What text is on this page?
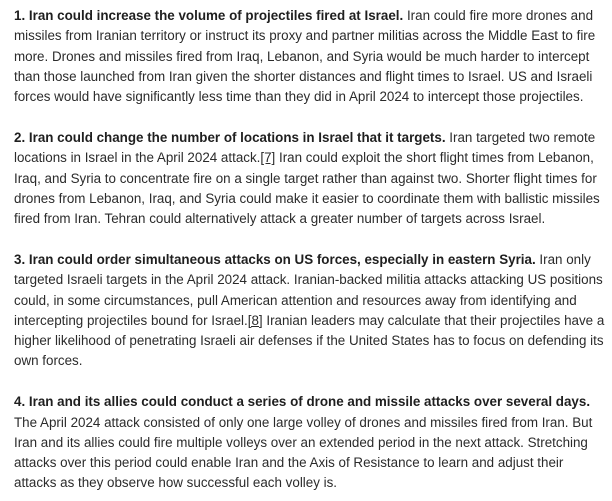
1. Iran could increase the volume of projectiles fired at Israel. Iran could fire more drones and missiles from Iranian territory or instruct its proxy and partner militias across the Middle East to fire more. Drones and missiles fired from Iraq, Lebanon, and Syria would be much harder to intercept than those launched from Iran given the shorter distances and flight times to Israel. US and Israeli forces would have significantly less time than they did in April 2024 to intercept those projectiles.

2. Iran could change the number of locations in Israel that it targets. Iran targeted two remote locations in Israel in the April 2024 attack.[7] Iran could exploit the short flight times from Lebanon, Iraq, and Syria to concentrate fire on a single target rather than against two. Shorter flight times for drones from Lebanon, Iraq, and Syria could make it easier to coordinate them with ballistic missiles fired from Iran. Tehran could alternatively attack a greater number of targets across Israel.

3. Iran could order simultaneous attacks on US forces, especially in eastern Syria. Iran only targeted Israeli targets in the April 2024 attack. Iranian-backed militia attacks attacking US positions could, in some circumstances, pull American attention and resources away from identifying and intercepting projectiles bound for Israel.[8] Iranian leaders may calculate that their projectiles have a higher likelihood of penetrating Israeli air defenses if the United States has to focus on defending its own forces.

4. Iran and its allies could conduct a series of drone and missile attacks over several days. The April 2024 attack consisted of only one large volley of drones and missiles fired from Iran. But Iran and its allies could fire multiple volleys over an extended period in the next attack. Stretching attacks over this period could enable Iran and the Axis of Resistance to learn and adjust their attacks as they observe how successful each volley is.
